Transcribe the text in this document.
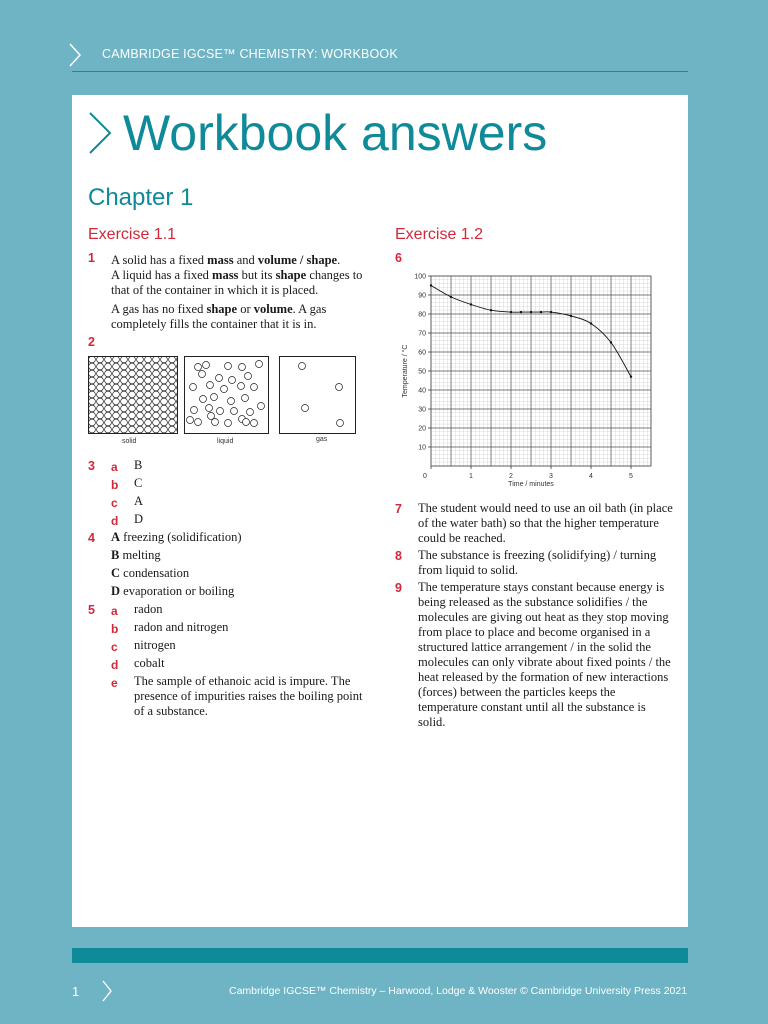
CAMBRIDGE IGCSE™ CHEMISTRY: WORKBOOK
Workbook answers
Chapter 1
Exercise 1.1
1 A solid has a fixed mass and volume / shape.
A liquid has a fixed mass but its shape changes to that of the container in which it is placed.
A gas has no fixed shape or volume. A gas completely fills the container that it is in.
2
solid	liquid	gas
3 a B
b C
c A
d D
4 A freezing (solidification)
B melting
C condensation
D evaporation or boiling
5 a radon
b radon and nitrogen
c nitrogen
d cobalt
e The sample of ethanoic acid is impure. The presence of impurities raises the boiling point of a substance.
Exercise 1.2
6
10
20
30
40
50
60
70
80
90
100
0	1	2	3	4	5
Time / minutes
Temperature / °C
7 The student would need to use an oil bath (in place of the water bath) so that the higher temperature could be reached.
8 The substance is freezing (solidifying) / turning from liquid to solid.
9 The temperature stays constant because energy is being released as the substance solidifies / the molecules are giving out heat as they stop moving from place to place and become organised in a structured lattice arrangement / in the solid the molecules can only vibrate about fixed points / the heat released by the formation of new interactions (forces) between the particles keeps the temperature constant until all the substance is solid.
1	Cambridge IGCSE™ Chemistry – Harwood, Lodge & Wooster © Cambridge University Press 2021
